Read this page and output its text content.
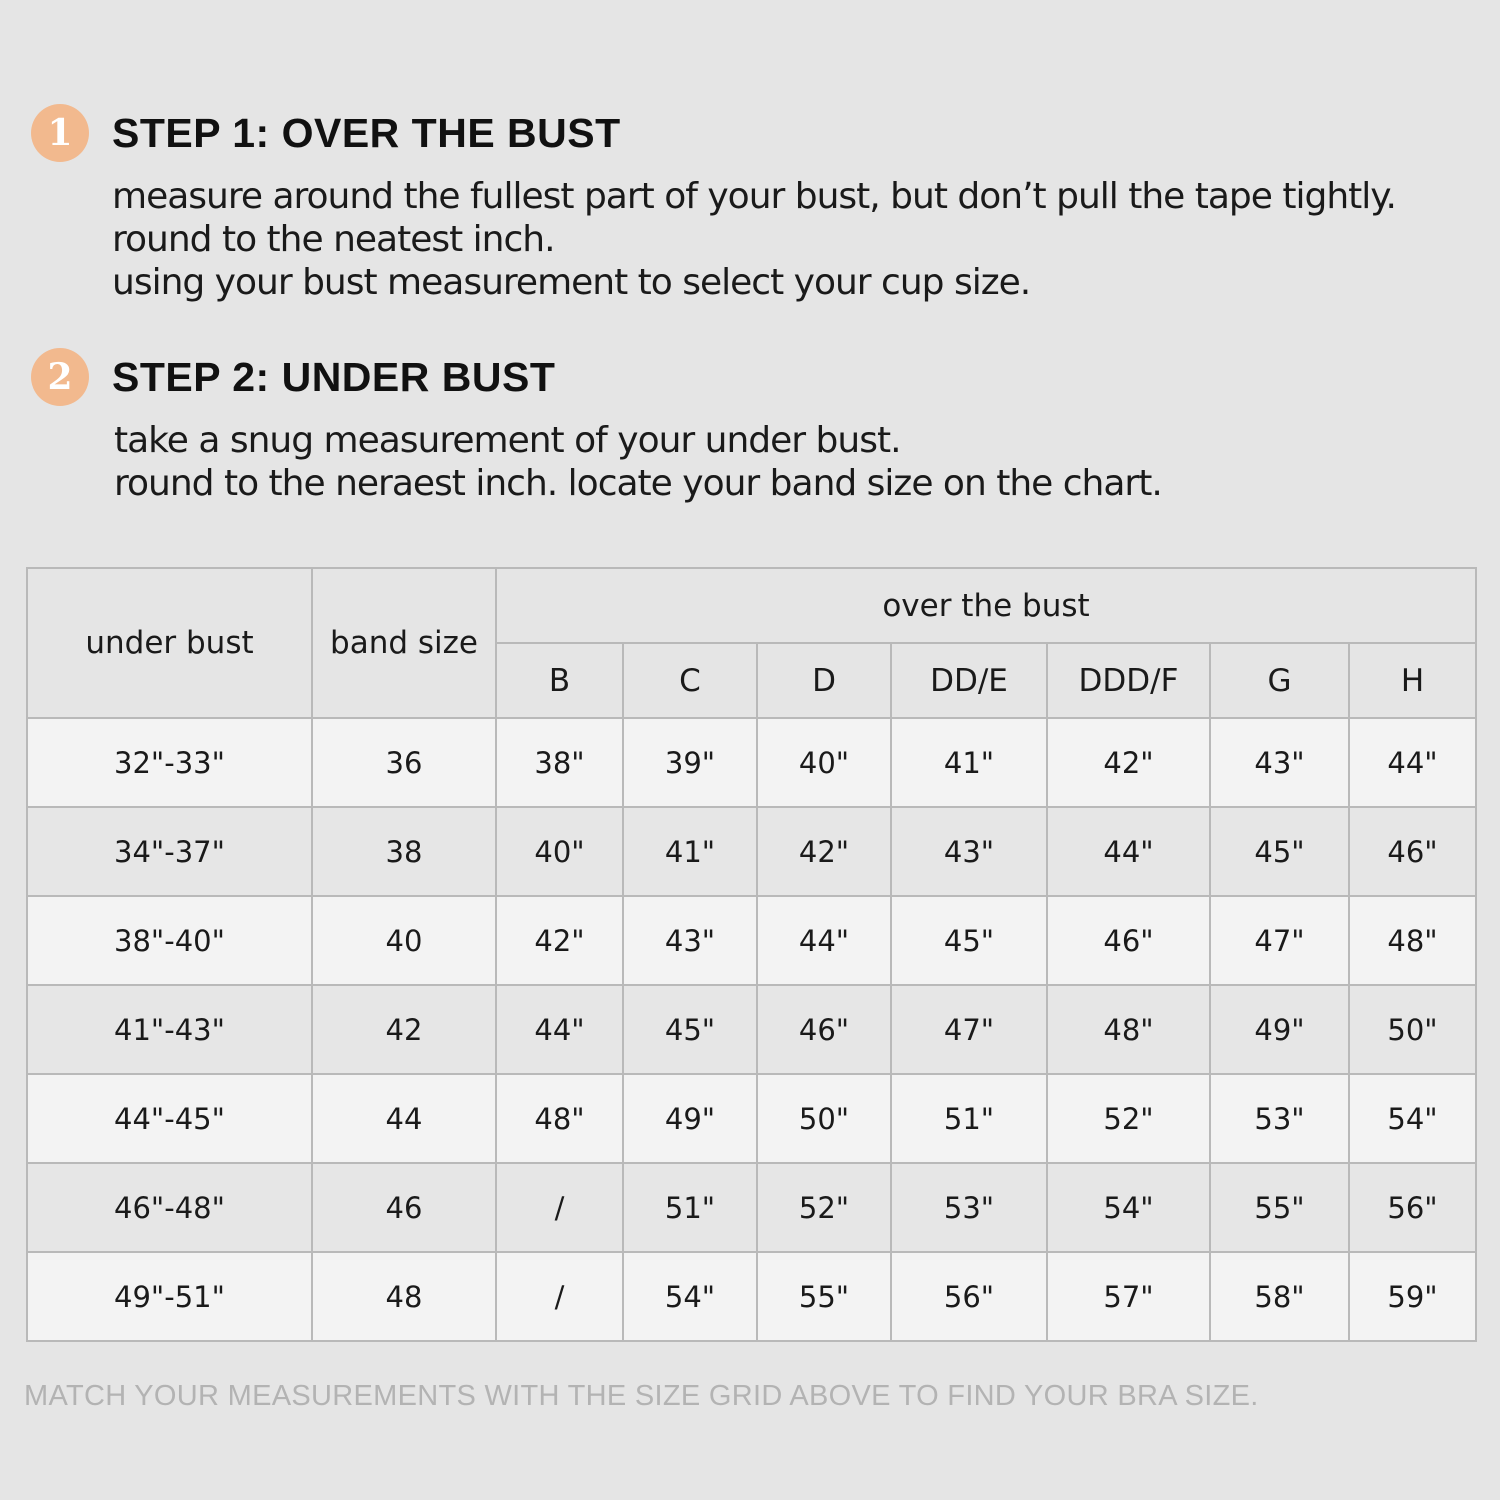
1 STEP 1: OVER THE BUST
measure around the fullest part of your bust, but don’t pull the tape tightly.
round to the neatest inch.
using your bust measurement to select your cup size.
2 STEP 2: UNDER BUST
take a snug measurement of your under bust.
round to the neraest inch. locate your band size on the chart.
under bust	band size	over the bust						
		B	C	D	DD/E	DDD/F	G	H
32"-33"	36	38"	39"	40"	41"	42"	43"	44"
34"-37"	38	40"	41"	42"	43"	44"	45"	46"
38"-40"	40	42"	43"	44"	45"	46"	47"	48"
41"-43"	42	44"	45"	46"	47"	48"	49"	50"
44"-45"	44	48"	49"	50"	51"	52"	53"	54"
46"-48"	46	/	51"	52"	53"	54"	55"	56"
49"-51"	48	/	54"	55"	56"	57"	58"	59"
MATCH YOUR MEASUREMENTS WITH THE SIZE GRID ABOVE TO FIND YOUR BRA SIZE.
